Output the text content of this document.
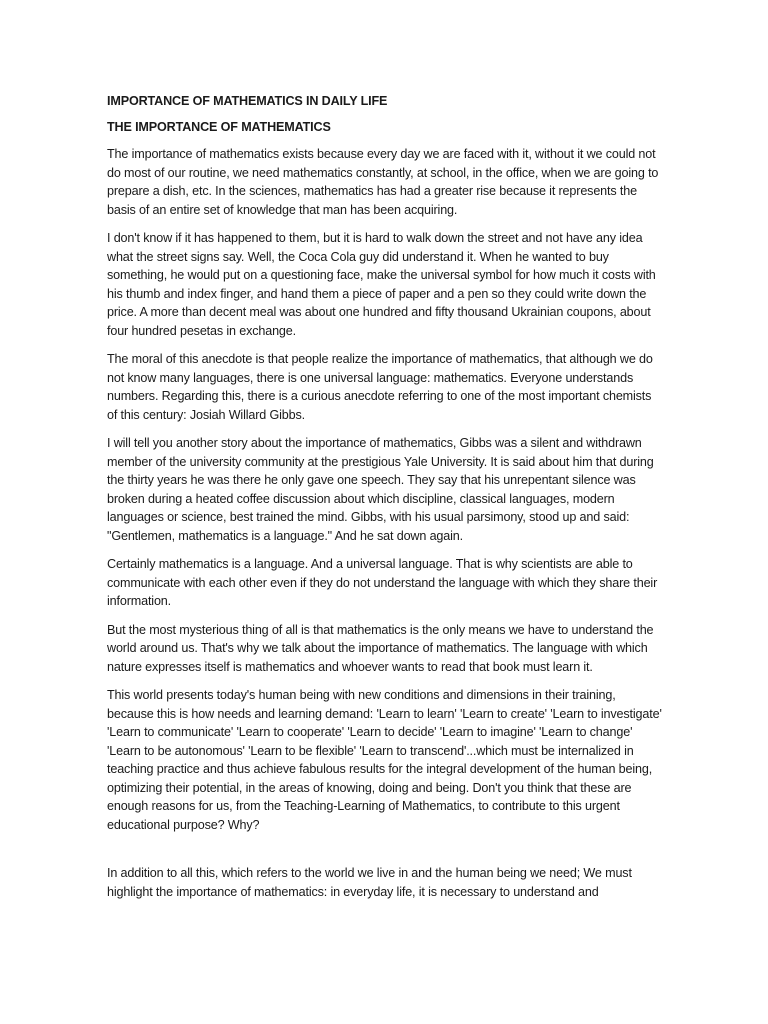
IMPORTANCE OF MATHEMATICS IN DAILY LIFE
THE IMPORTANCE OF MATHEMATICS

The importance of mathematics exists because every day we are faced with it, without it we could not do most of our routine, we need mathematics constantly, at school, in the office, when we are going to prepare a dish, etc. In the sciences, mathematics has had a greater rise because it represents the basis of an entire set of knowledge that man has been acquiring.

I don't know if it has happened to them, but it is hard to walk down the street and not have any idea what the street signs say. Well, the Coca Cola guy did understand it. When he wanted to buy something, he would put on a questioning face, make the universal symbol for how much it costs with his thumb and index finger, and hand them a piece of paper and a pen so they could write down the price. A more than decent meal was about one hundred and fifty thousand Ukrainian coupons, about four hundred pesetas in exchange.

The moral of this anecdote is that people realize the importance of mathematics, that although we do not know many languages, there is one universal language: mathematics. Everyone understands numbers. Regarding this, there is a curious anecdote referring to one of the most important chemists of this century: Josiah Willard Gibbs.

I will tell you another story about the importance of mathematics, Gibbs was a silent and withdrawn member of the university community at the prestigious Yale University. It is said about him that during the thirty years he was there he only gave one speech. They say that his unrepentant silence was broken during a heated coffee discussion about which discipline, classical languages, modern languages or science, best trained the mind. Gibbs, with his usual parsimony, stood up and said: "Gentlemen, mathematics is a language." And he sat down again.

Certainly mathematics is a language. And a universal language. That is why scientists are able to communicate with each other even if they do not understand the language with which they share their information.

But the most mysterious thing of all is that mathematics is the only means we have to understand the world around us. That's why we talk about the importance of mathematics. The language with which nature expresses itself is mathematics and whoever wants to read that book must learn it.

This world presents today's human being with new conditions and dimensions in their training, because this is how needs and learning demand: 'Learn to learn' 'Learn to create' 'Learn to investigate' 'Learn to communicate' 'Learn to cooperate' 'Learn to decide' 'Learn to imagine' 'Learn to change' 'Learn to be autonomous' 'Learn to be flexible' 'Learn to transcend'...which must be internalized in teaching practice and thus achieve fabulous results for the integral development of the human being, optimizing their potential, in the areas of knowing, doing and being. Don't you think that these are enough reasons for us, from the Teaching-Learning of Mathematics, to contribute to this urgent educational purpose? Why?

In addition to all this, which refers to the world we live in and the human being we need; We must highlight the importance of mathematics: in everyday life, it is necessary to understand and
